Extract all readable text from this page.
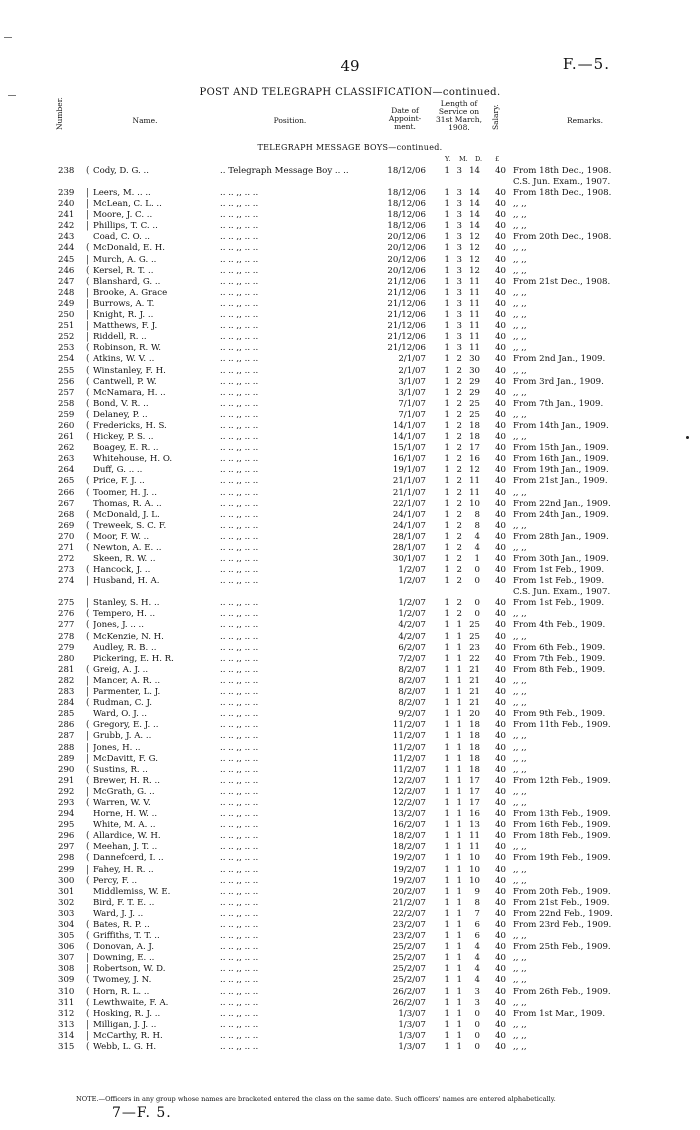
49	F.—5.
POST AND TELEGRAPH CLASSIFICATION—continued.
Number.	Name.	Position.
Date of Appoint-ment.
Length of Service on 31st March, 1908.	Salary.	Remarks.
TELEGRAPH MESSAGE BOYS—continued.
Y. M. D. £
238	( Cody, D. G. ..	.. Telegraph Message Boy .. ..	18/12/06	1 3 14	40 From 18th Dec., 1908.
C.S. Jun. Exam., 1907.
239	| Leers, M. .. ..	.. .. ,, .. ..	18/12/06	1 3 14	40 From 18th Dec., 1908.
240	| McLean, C. L. ..	.. .. ,, .. ..	18/12/06	1 3 14	40 ,, ,,
241	| Moore, J. C. ..	.. .. ,, .. ..	18/12/06	1 3 14	40 ,, ,,
242	| Phillips, T. C. ..	.. .. ,, .. ..	18/12/06	1 3 14	40 ,, ,,
243	Coad, C. O. ..	.. .. ,, .. ..	20/12/06	1 3 12	40 From 20th Dec., 1908.
244	( McDonald, E. H.	.. .. ,, .. ..	20/12/06	1 3 12	40 ,, ,,
245	| Murch, A. G. ..	.. .. ,, .. ..	20/12/06	1 3 12	40 ,, ,,
246	( Kersel, R. T. ..	.. .. ,, .. ..	20/12/06	1 3 12	40 ,, ,,
247	( Blanshard, G. ..	.. .. ,, .. ..	21/12/06	1 3 11	40 From 21st Dec., 1908.
248	| Brooke, A. Grace	.. .. ,, .. ..	21/12/06	1 3 11	40 ,, ,,
249	| Burrows, A. T.	.. .. ,, .. ..	21/12/06	1 3 11	40 ,, ,,
250	| Knight, R. J. ..	.. .. ,, .. ..	21/12/06	1 3 11	40 ,, ,,
251	| Matthews, F. J.	.. .. ,, .. ..	21/12/06	1 3 11	40 ,, ,,
252	| Riddell, R. ..	.. .. ,, .. ..	21/12/06	1 3 11	40 ,, ,,
253	( Robinson, R. W.	.. .. ,, .. ..	21/12/06	1 3 11	40 ,, ,,
254	( Atkins, W. V. ..	.. .. ,, .. ..	2/1/07	1 2 30	40 From 2nd Jan., 1909.
255	( Winstanley, F. H.	.. .. ,, .. ..	2/1/07	1 2 30	40 ,, ,,
256	( Cantwell, P. W.	.. .. ,, .. ..	3/1/07	1 2 29	40 From 3rd Jan., 1909.
257	( McNamara, H. ..	.. .. ,, .. ..	3/1/07	1 2 29	40 ,, ,,
258	( Bond, V. R. ..	.. .. ,, .. ..	7/1/07	1 2 25	40 From 7th Jan., 1909.
259	( Delaney, P. ..	.. .. ,, .. ..	7/1/07	1 2 25	40 ,, ,,
260	( Fredericks, H. S.	.. .. ,, .. ..	14/1/07	1 2 18	40 From 14th Jan., 1909.
261	( Hickey, P. S. ..	.. .. ,, .. ..	14/1/07	1 2 18	40 ,, ,,
262	Boagey, E. R. ..	.. .. ,, .. ..	15/1/07	1 2 17	40 From 15th Jan., 1909.
263	Whitehouse, H. O.	.. .. ,, .. ..	16/1/07	1 2 16	40 From 16th Jan., 1909.
264	Duff, G. .. ..	.. .. ,, .. ..	19/1/07	1 2 12	40 From 19th Jan., 1909.
265	( Price, F. J. ..	.. .. ,, .. ..	21/1/07	1 2 11	40 From 21st Jan., 1909.
266	( Toomer, H. J. ..	.. .. ,, .. ..	21/1/07	1 2 11	40 ,, ,,
267	Thomas, R. A. ..	.. .. ,, .. ..	22/1/07	1 2 10	40 From 22nd Jan., 1909.
268	( McDonald, J. L.	.. .. ,, .. ..	24/1/07	1 2	8	40 From 24th Jan., 1909.
269	( Treweek, S. C. F.	.. .. ,, .. ..	24/1/07	1 2	8	40 ,, ,,
270	( Moor, F. W. ..	.. .. ,, .. ..	28/1/07	1 2	4	40 From 28th Jan., 1909.
271	( Newton, A. E. ..	.. .. ,, .. ..	28/1/07	1 2	4	40 ,, ,,
272	Skeen, R. W. ..	.. .. ,, .. ..	30/1/07	1 2	1	40 From 30th Jan., 1909.
273	( Hancock, J. ..	.. .. ,, .. ..	1/2/07	1 2	0	40 From 1st Feb., 1909.
274	| Husband, H. A.	.. .. ,, .. ..	1/2/07	1 2	0	40 From 1st Feb., 1909.
C.S. Jun. Exam., 1907.
275	| Stanley, S. H. ..	.. .. ,, .. ..	1/2/07	1 2	0	40 From 1st Feb., 1909.
276	( Tempero, H. ..	.. .. ,, .. ..	1/2/07	1 2	0	40 ,, ,,
277	( Jones, J. .. ..	.. .. ,, .. ..	4/2/07	1 1 25	40 From 4th Feb., 1909.
278	( McKenzie, N. H.	.. .. ,, .. ..	4/2/07	1 1 25	40 ,, ,,
279	Audley, R. B. ..	.. .. ,, .. ..	6/2/07	1 1 23	40 From 6th Feb., 1909.
280	Pickering, E. H. R.	.. .. ,, .. ..	7/2/07	1 1 22	40 From 7th Feb., 1909.
281	( Greig, A. J. ..	.. .. ,, .. ..	8/2/07	1 1 21	40 From 8th Feb., 1909.
282	| Mancer, A. R. ..	.. .. ,, .. ..	8/2/07	1 1 21	40 ,, ,,
283	| Parmenter, L. J.	.. .. ,, .. ..	8/2/07	1 1 21	40 ,, ,,
284	( Rudman, C. J.	.. .. ,, .. ..	8/2/07	1 1 21	40 ,, ,,
285	Ward, O. J. ..	.. .. ,, .. ..	9/2/07	1 1 20	40 From 9th Feb., 1909.
286	( Gregory, E. J. ..	.. .. ,, .. ..	11/2/07	1 1 18	40 From 11th Feb., 1909.
287	| Grubb, J. A. ..	.. .. ,, .. ..	11/2/07	1 1 18	40 ,, ,,
288	| Jones, H. ..	.. .. ,, .. ..	11/2/07	1 1 18	40 ,, ,,
289	| McDavitt, F. G.	.. .. ,, .. ..	11/2/07	1 1 18	40 ,, ,,
290	( Sustins, R. ..	.. .. ,, .. ..	11/2/07	1 1 18	40 ,, ,,
291	( Brewer, H. R. ..	.. .. ,, .. ..	12/2/07	1 1 17	40 From 12th Feb., 1909.
292	| McGrath, G. ..	.. .. ,, .. ..	12/2/07	1 1 17	40 ,, ,,
293	( Warren, W. V.	.. .. ,, .. ..	12/2/07	1 1 17	40 ,, ,,
294	Horne, H. W. ..	.. .. ,, .. ..	13/2/07	1 1 16	40 From 13th Feb., 1909.
295	White, M. A. ..	.. .. ,, .. ..	16/2/07	1 1 13	40 From 16th Feb., 1909.
296	( Allardice, W. H.	.. .. ,, .. ..	18/2/07	1 1 11	40 From 18th Feb., 1909.
297	( Meehan, J. T. ..	.. .. ,, .. ..	18/2/07	1 1 11	40 ,, ,,
298	( Dannefcerd, I. ..	.. .. ,, .. ..	19/2/07	1 1 10	40 From 19th Feb., 1909.
299	| Fahey, H. R. ..	.. .. ,, .. ..	19/2/07	1 1 10	40 ,, ,,
300	( Percy, F. ..	.. .. ,, .. ..	19/2/07	1 1 10	40 ,, ,,
301	Middlemiss, W. E.	.. .. ,, .. ..	20/2/07	1 1	9	40 From 20th Feb., 1909.
302	Bird, F. T. E. ..	.. .. ,, .. ..	21/2/07	1 1	8	40 From 21st Feb., 1909.
303	Ward, J. J. ..	.. .. ,, .. ..	22/2/07	1 1	7	40 From 22nd Feb., 1909.
304	( Bates, R. P. ..	.. .. ,, .. ..	23/2/07	1 1	6	40 From 23rd Feb., 1909.
305	( Griffiths, T. T. ..	.. .. ,, .. ..	23/2/07	1 1	6	40 ,, ,,
306	( Donovan, A. J.	.. .. ,, .. ..	25/2/07	1 1	4	40 From 25th Feb., 1909.
307	| Downing, E. ..	.. .. ,, .. ..	25/2/07	1 1	4	40 ,, ,,
308	| Robertson, W. D.	.. .. ,, .. ..	25/2/07	1 1	4	40 ,, ,,
309	( Twomey, J. N.	.. .. ,, .. ..	25/2/07	1 1	4	40 ,, ,,
310	( Horn, R. L. ..	.. .. ,, .. ..	26/2/07	1 1	3	40 From 26th Feb., 1909.
311	( Lewthwaite, F. A.	.. .. ,, .. ..	26/2/07	1 1	3	40 ,, ,,
312	( Hosking, R. J. ..	.. .. ,, .. ..	1/3/07	1 1	0	40 From 1st Mar., 1909.
313	| Milligan, J. J. ..	.. .. ,, .. ..	1/3/07	1 1	0	40 ,, ,,
314	| McCarthy, R. H.	.. .. ,, .. ..	1/3/07	1 1	0	40 ,, ,,
315	( Webb, L. G. H.	.. .. ,, .. ..	1/3/07	1 1	0	40 ,, ,,
NOTE.—Officers in any group whose names are bracketed entered the class on the same date. Such officers' names are entered alphabetically.
7—F. 5.
